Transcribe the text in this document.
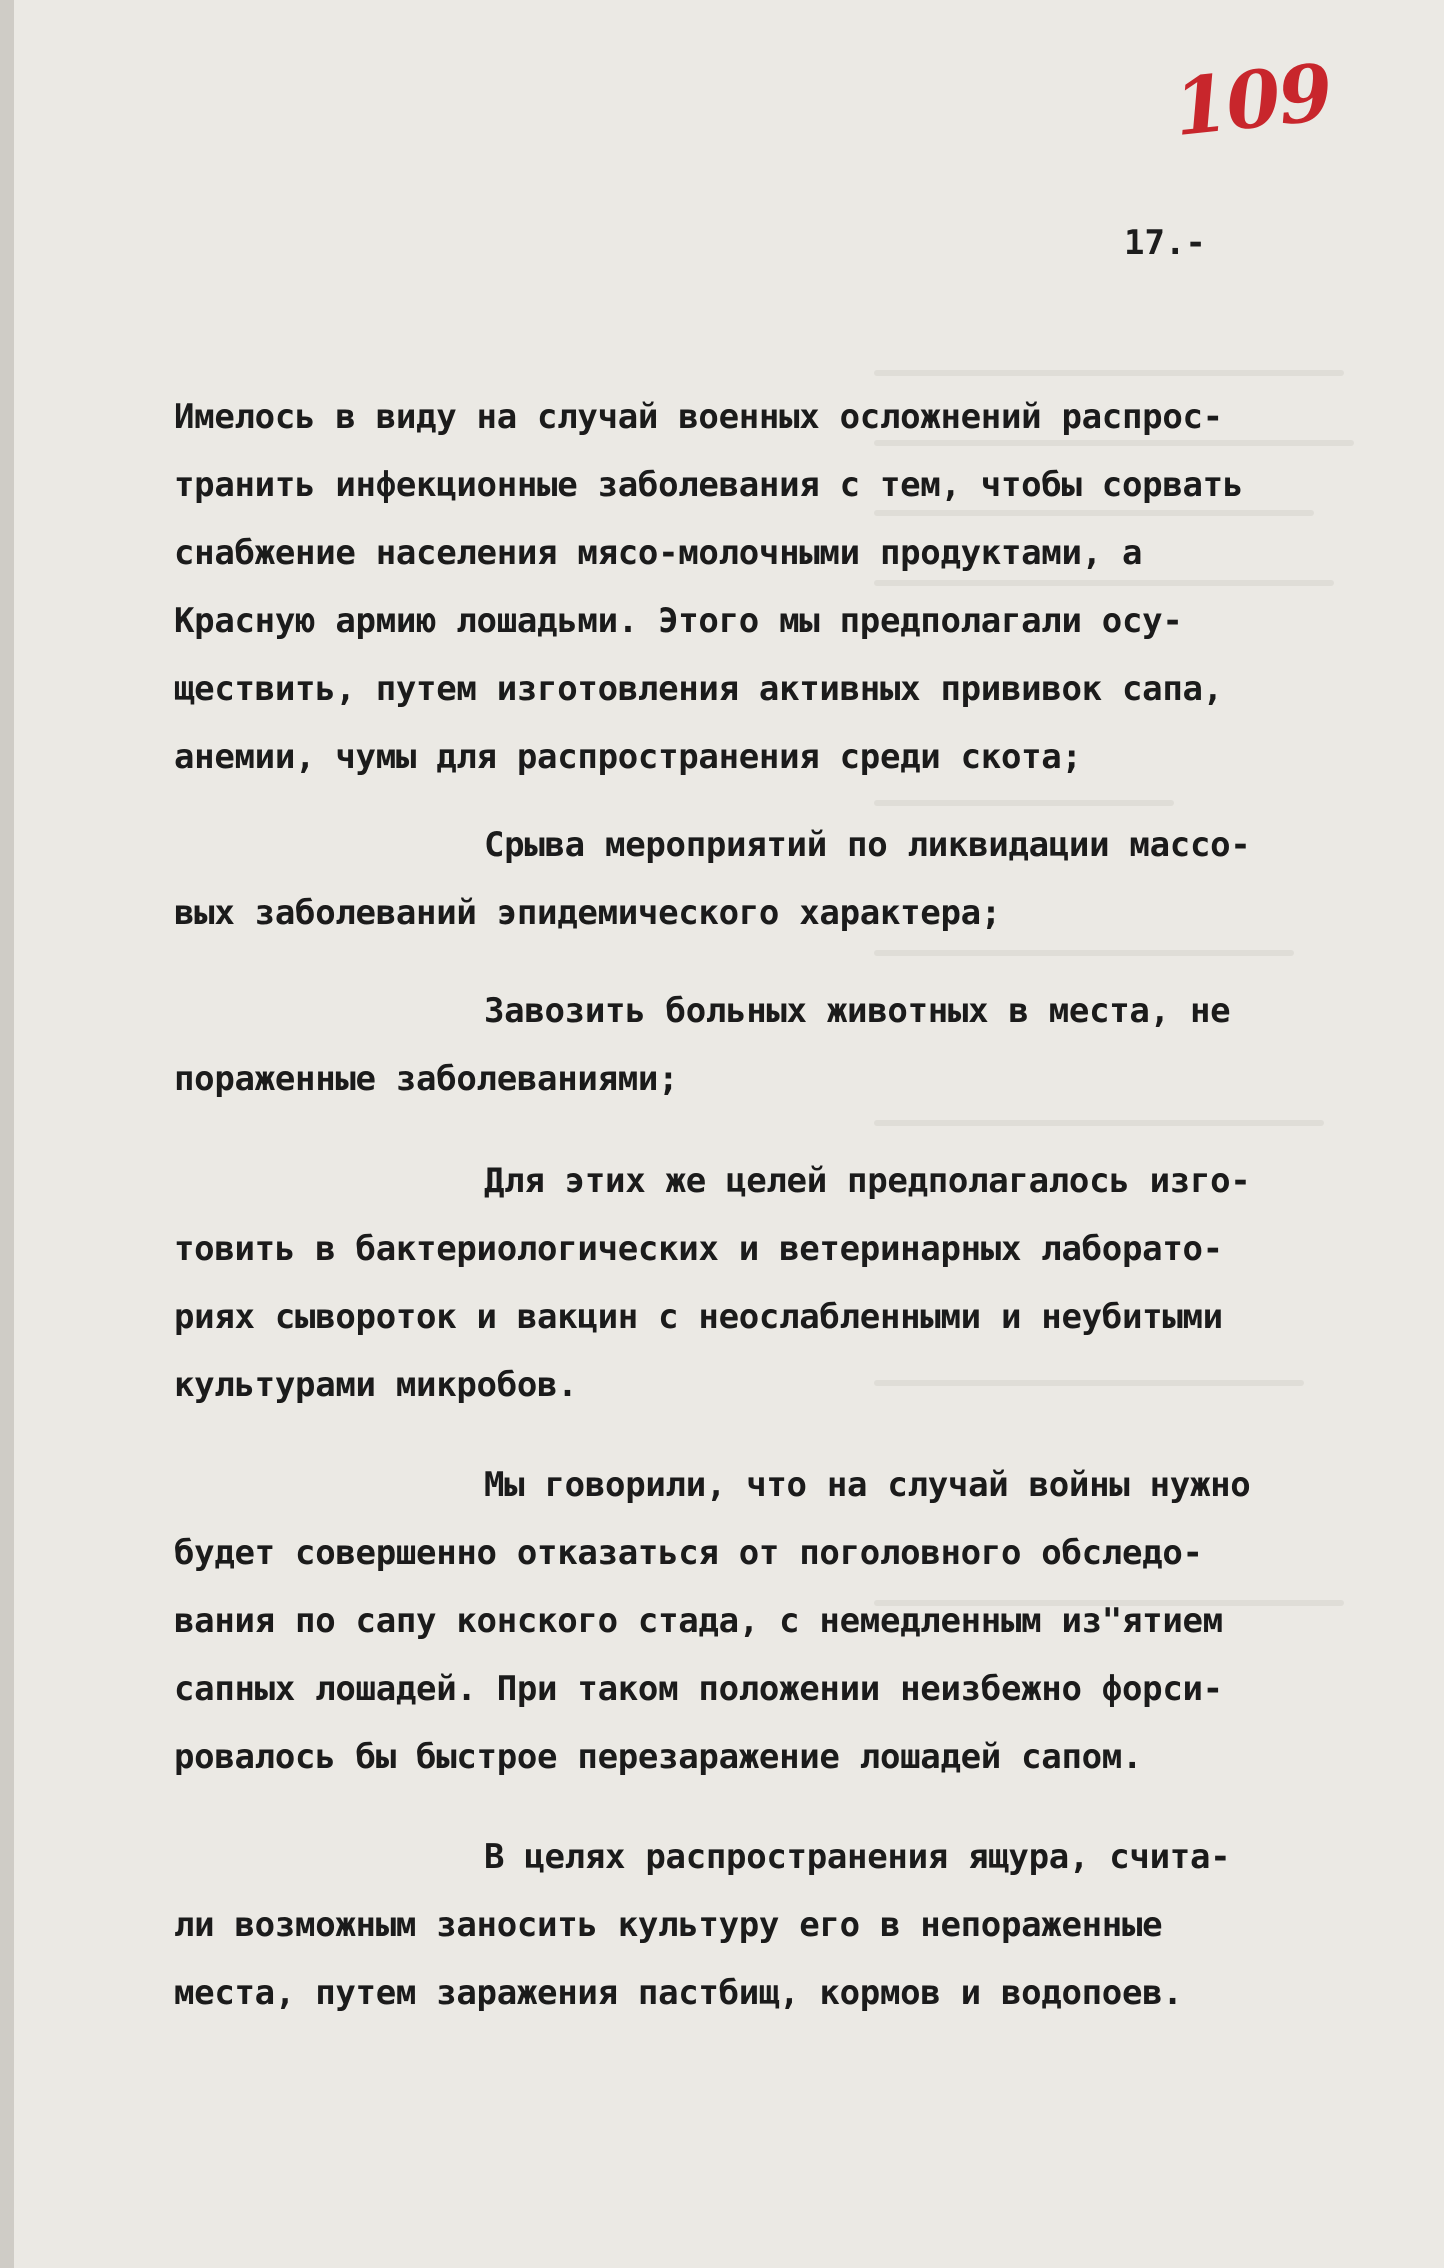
109
17.-
Имелось в виду на случай военных осложнений распрос-
транить инфекционные заболевания с тем, чтобы сорвать
снабжение населения мясо-молочными продуктами, а
Красную армию лошадьми. Этого мы предполагали осу-
ществить, путем изготовления активных прививок сапа,
анемии, чумы для распространения среди скота;
Срыва мероприятий по ликвидации массо-
вых заболеваний эпидемического характера;
Завозить больных животных в места, не
пораженные заболеваниями;
Для этих же целей предполагалось изго-
товить в бактериологических и ветеринарных лаборато-
риях сывороток и вакцин с неослабленными и неубитыми
культурами микробов.
Мы говорили, что на случай войны нужно
будет совершенно отказаться от поголовного обследо-
вания по сапу конского стада, с немедленным из"ятием
сапных лошадей. При таком положении неизбежно форси-
ровалось бы быстрое перезаражение лошадей сапом.
В целях распространения ящура, счита-
ли возможным заносить культуру его в непораженные
места, путем заражения пастбищ, кормов и водопоев.
